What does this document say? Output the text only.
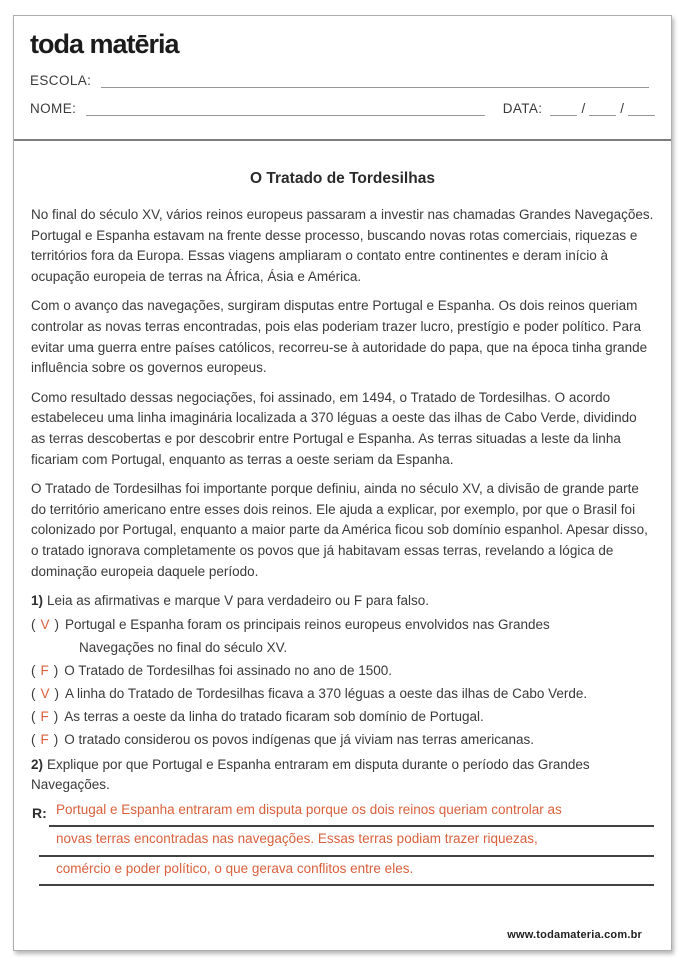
toda matēria
ESCOLA:
NOME:	DATA:	/	/
O Tratado de Tordesilhas

No final do século XV, vários reinos europeus passaram a investir nas chamadas Grandes Navegações. Portugal e Espanha estavam na frente desse processo, buscando novas rotas comerciais, riquezas e territórios fora da Europa. Essas viagens ampliaram o contato entre continentes e deram início à ocupação europeia de terras na África, Ásia e América.

Com o avanço das navegações, surgiram disputas entre Portugal e Espanha. Os dois reinos queriam controlar as novas terras encontradas, pois elas poderiam trazer lucro, prestígio e poder político. Para evitar uma guerra entre países católicos, recorreu-se à autoridade do papa, que na época tinha grande influência sobre os governos europeus.

Como resultado dessas negociações, foi assinado, em 1494, o Tratado de Tordesilhas. O acordo estabeleceu uma linha imaginária localizada a 370 léguas a oeste das ilhas de Cabo Verde, dividindo as terras descobertas e por descobrir entre Portugal e Espanha. As terras situadas a leste da linha ficariam com Portugal, enquanto as terras a oeste seriam da Espanha.

O Tratado de Tordesilhas foi importante porque definiu, ainda no século XV, a divisão de grande parte do território americano entre esses dois reinos. Ele ajuda a explicar, por exemplo, por que o Brasil foi colonizado por Portugal, enquanto a maior parte da América ficou sob domínio espanhol. Apesar disso, o tratado ignorava completamente os povos que já habitavam essas terras, revelando a lógica de dominação europeia daquele período.

1) Leia as afirmativas e marque V para verdadeiro ou F para falso.
( V ) Portugal e Espanha foram os principais reinos europeus envolvidos nas Grandes
Navegações no final do século XV.
( F ) O Tratado de Tordesilhas foi assinado no ano de 1500.
( V ) A linha do Tratado de Tordesilhas ficava a 370 léguas a oeste das ilhas de Cabo Verde.
( F ) As terras a oeste da linha do tratado ficaram sob domínio de Portugal.
( F ) O tratado considerou os povos indígenas que já viviam nas terras americanas.
2) Explique por que Portugal e Espanha entraram em disputa durante o período das Grandes Navegações.
R: Portugal e Espanha entraram em disputa porque os dois reinos queriam controlar as
novas terras encontradas nas navegações. Essas terras podiam trazer riquezas,
comércio e poder político, o que gerava conflitos entre eles.
www.todamateria.com.br
